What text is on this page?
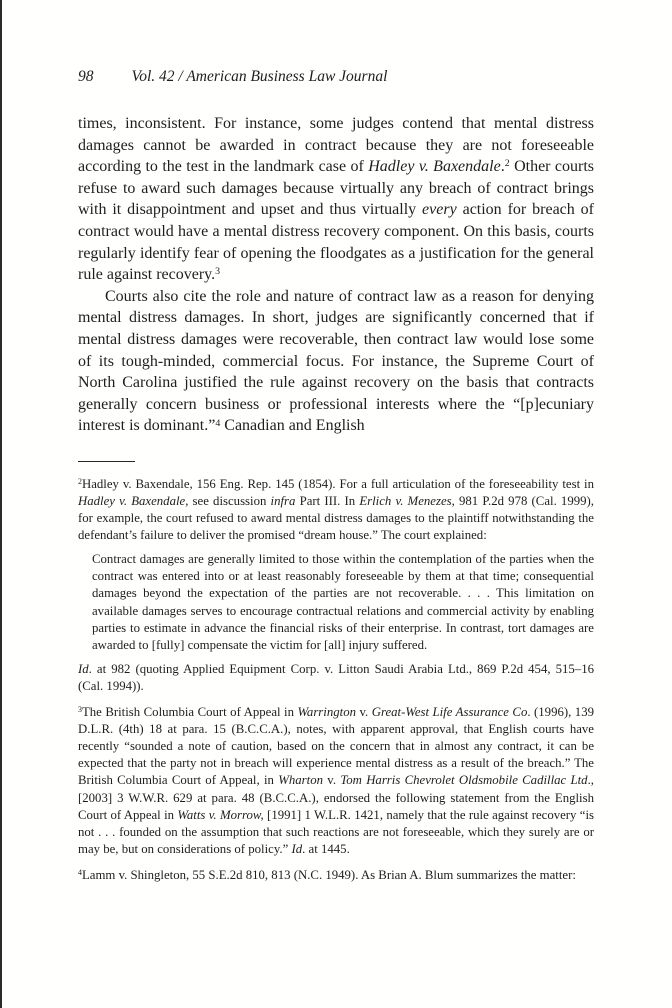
98 Vol. 42 / American Business Law Journal

times, inconsistent. For instance, some judges contend that mental distress damages cannot be awarded in contract because they are not foreseeable according to the test in the landmark case of Hadley v. Baxendale.$^2$ Other courts refuse to award such damages because virtually any breach of contract brings with it disappointment and upset and thus virtually every action for breach of contract would have a mental distress recovery component. On this basis, courts regularly identify fear of opening the floodgates as a justification for the general rule against recovery.$^3$

Courts also cite the role and nature of contract law as a reason for denying mental distress damages. In short, judges are significantly concerned that if mental distress damages were recoverable, then contract law would lose some of its tough-minded, commercial focus. For instance, the Supreme Court of North Carolina justified the rule against recovery on the basis that contracts generally concern business or professional interests where the “[p]ecuniary interest is dominant.”$^4$ Canadian and English

$^2$Hadley v. Baxendale, 156 Eng. Rep. 145 (1854). For a full articulation of the foreseeability test in Hadley v. Baxendale, see discussion infra Part III. In Erlich v. Menezes, 981 P.2d 978 (Cal. 1999), for example, the court refused to award mental distress damages to the plaintiff notwithstanding the defendant’s failure to deliver the promised “dream house.” The court explained:

Contract damages are generally limited to those within the contemplation of the parties when the contract was entered into or at least reasonably foreseeable by them at that time; consequential damages beyond the expectation of the parties are not recoverable. . . . This limitation on available damages serves to encourage contractual relations and commercial activity by enabling parties to estimate in advance the financial risks of their enterprise. In contrast, tort damages are awarded to [fully] compensate the victim for [all] injury suffered.

Id. at 982 (quoting Applied Equipment Corp. v. Litton Saudi Arabia Ltd., 869 P.2d 454, 515–16 (Cal. 1994)).

$^3$The British Columbia Court of Appeal in Warrington v. Great-West Life Assurance Co. (1996), 139 D.L.R. (4th) 18 at para. 15 (B.C.C.A.), notes, with apparent approval, that English courts have recently “sounded a note of caution, based on the concern that in almost any contract, it can be expected that the party not in breach will experience mental distress as a result of the breach.” The British Columbia Court of Appeal, in Wharton v. Tom Harris Chevrolet Oldsmobile Cadillac Ltd., [2003] 3 W.W.R. 629 at para. 48 (B.C.C.A.), endorsed the following statement from the English Court of Appeal in Watts v. Morrow, [1991] 1 W.L.R. 1421, namely that the rule against recovery “is not . . . founded on the assumption that such reactions are not foreseeable, which they surely are or may be, but on considerations of policy.” Id. at 1445.

$^4$Lamm v. Shingleton, 55 S.E.2d 810, 813 (N.C. 1949). As Brian A. Blum summarizes the matter:
